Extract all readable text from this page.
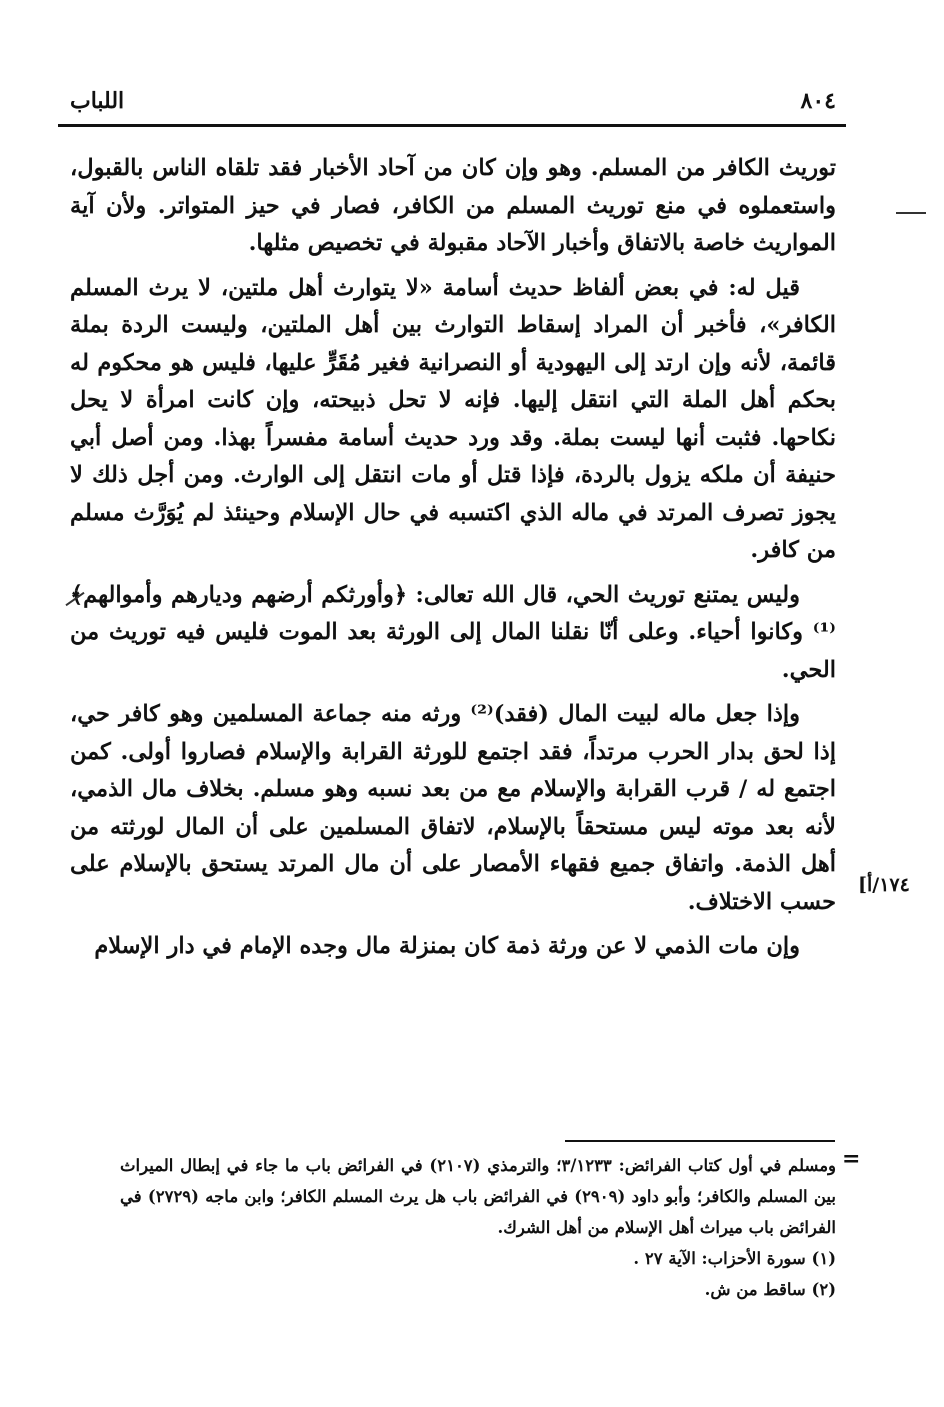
٨٠٤
اللباب

توريث الكافر من المسلم. وهو وإن كان من آحاد الأخبار فقد تلقاه الناس بالقبول، واستعملوه في منع توريث المسلم من الكافر، فصار في حيز المتواتر. ولأن آية المواريث خاصة بالاتفاق وأخبار الآحاد مقبولة في تخصيص مثلها.

قيل له: في بعض ألفاظ حديث أسامة «لا يتوارث أهل ملتين، لا يرث المسلم الكافر»، فأخبر أن المراد إسقاط التوارث بين أهل الملتين، وليست الردة بملة قائمة، لأنه وإن ارتد إلى اليهودية أو النصرانية فغير مُقَرٍّ عليها، فليس هو محكوم له بحكم أهل الملة التي انتقل إليها. فإنه لا تحل ذبيحته، وإن كانت امرأة لا يحل نكاحها. فثبت أنها ليست بملة. وقد ورد حديث أسامة مفسراً بهذا. ومن أصل أبي حنيفة أن ملكه يزول بالردة، فإذا قتل أو مات انتقل إلى الوارث. ومن أجل ذلك لا يجوز تصرف المرتد في ماله الذي اكتسبه في حال الإسلام وحينئذ لم يُوَرَّث مسلم من كافر.

وليس يمتنع توريث الحي، قال الله تعالى: ﴿وأورثكم أرضهم وديارهم وأموالهم﴾⁽¹⁾ وكانوا أحياء. وعلى أنّا نقلنا المال إلى الورثة بعد الموت فليس فيه توريث من الحي.

وإذا جعل ماله لبيت المال (فقد)⁽²⁾ ورثه منه جماعة المسلمين وهو كافر حي، إذا لحق بدار الحرب مرتداً، فقد اجتمع للورثة القرابة والإسلام فصاروا أولى. كمن اجتمع له / قرب القرابة والإسلام مع من بعد نسبه وهو مسلم. بخلاف مال الذمي، لأنه بعد موته ليس مستحقاً بالإسلام، لاتفاق المسلمين على أن المال لورثته من أهل الذمة. واتفاق جميع فقهاء الأمصار على أن مال المرتد يستحق بالإسلام على حسب الاختلاف.

وإن مات الذمي لا عن ورثة ذمة كان بمنزلة مال وجده الإمام في دار الإسلام

١٧٤/أ]
=

ومسلم في أول كتاب الفرائض: ٣/١٢٣٣؛ والترمذي (٢١٠٧) في الفرائض باب ما جاء في إبطال الميراث بين المسلم والكافر؛ وأبو داود (٢٩٠٩) في الفرائض باب هل يرث المسلم الكافر؛ وابن ماجه (٢٧٢٩) في الفرائض باب ميراث أهل الإسلام من أهل الشرك.

(١) سورة الأحزاب: الآية ٢٧ .

(٢) ساقط من ش.
